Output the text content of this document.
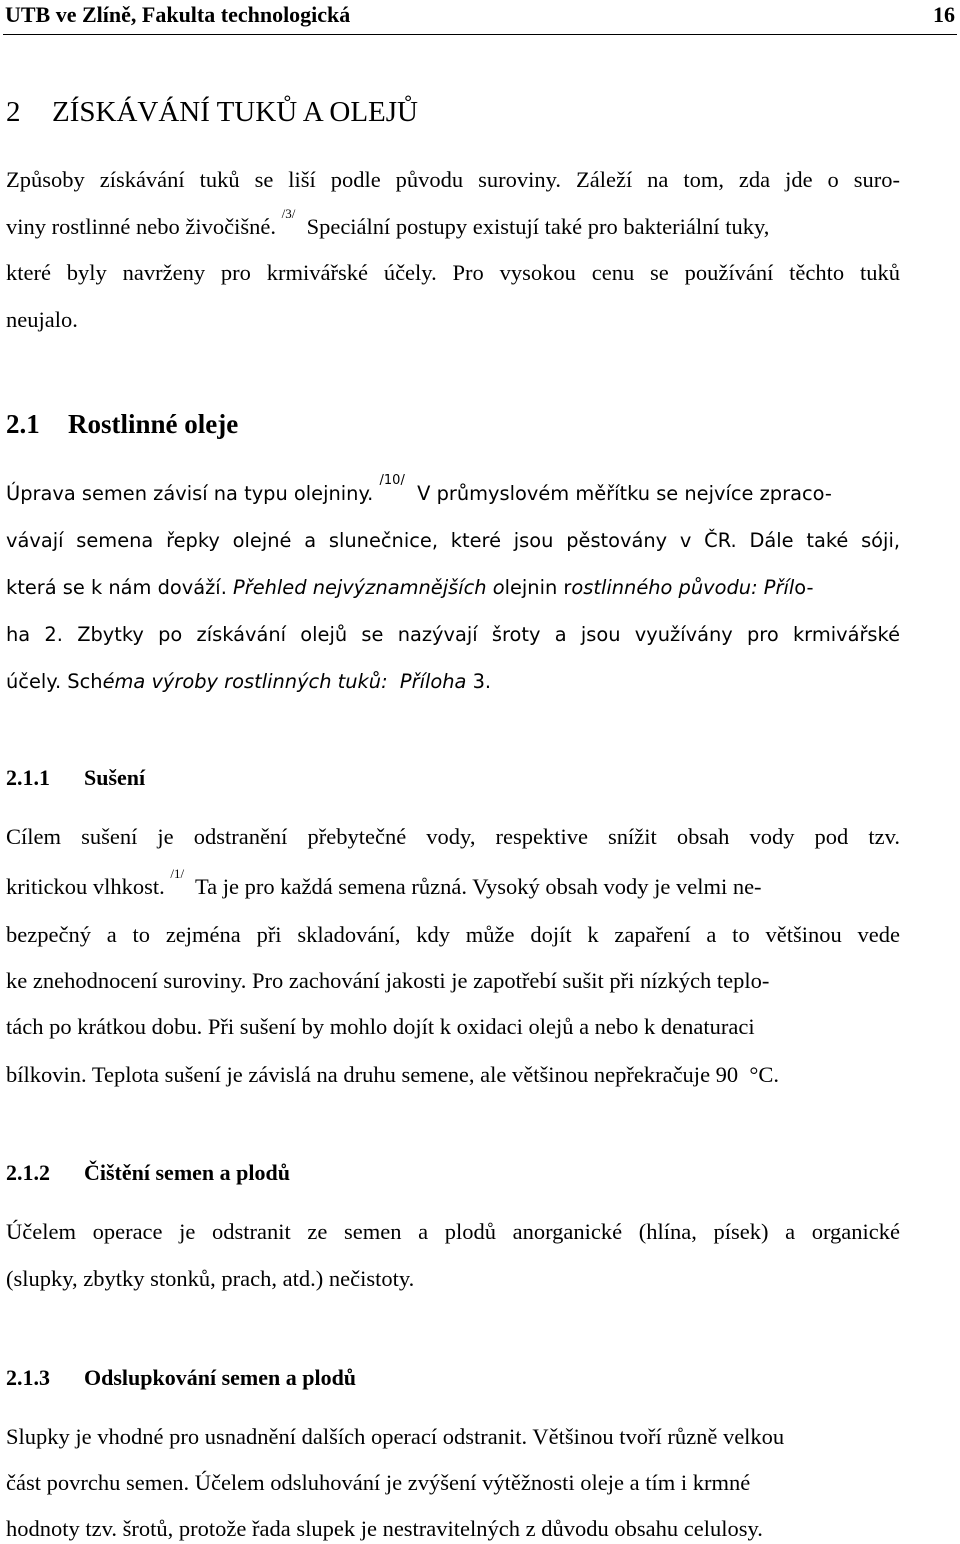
UTB ve Zlíně, Fakulta technologická	16
2 ZÍSKÁVÁNÍ TUKŮ A OLEJŮ
Způsoby získávání tuků se liší podle původu suroviny. Záleží na tom, zda jde o suro-
viny rostlinné nebo živočišné. $^{/3/}$  Speciální postupy existují také pro bakteriální tuky,
které byly navrženy pro krmivářské účely. Pro vysokou cenu se používání těchto tuků
neujalo.
2.1 Rostlinné oleje
Úprava semen závisí na typu olejniny. $^{/10/}$  V průmyslovém měřítku se nejvíce zpraco-
vávají semena řepky olejné a slunečnice, které jsou pěstovány v ČR. Dále také sóji,
která se k nám dováží. Přehled nejvýznamnějších olejnin rostlinného původu: Přílo-
ha 2. Zbytky po získávání olejů se nazývají šroty a jsou využívány pro krmivářské
účely. Schéma výroby rostlinných tuků:  Příloha 3.
2.1.1 Sušení
Cílem sušení je odstranění přebytečné vody, respektive snížit obsah vody pod tzv.
kritickou vlhkost. $^{/1/}$  Ta je pro každá semena různá. Vysoký obsah vody je velmi ne-
bezpečný a to zejména při skladování, kdy může dojít k zapaření a to většinou vede
ke znehodnocení suroviny. Pro zachování jakosti je zapotřebí sušit při nízkých teplo-
tách po krátkou dobu. Při sušení by mohlo dojít k oxidaci olejů a nebo k denaturaci
bílkovin. Teplota sušení je závislá na druhu semene, ale většinou nepřekračuje 90  °C.
2.1.2 Čištění semen a plodů
Účelem operace je odstranit ze semen a plodů anorganické (hlína, písek) a organické
(slupky, zbytky stonků, prach, atd.) nečistoty.
2.1.3 Odslupkování semen a plodů
Slupky je vhodné pro usnadnění dalších operací odstranit. Většinou tvoří různě velkou
část povrchu semen. Účelem odsluhování je zvýšení výtěžnosti oleje a tím i krmné
hodnoty tzv. šrotů, protože řada slupek je nestravitelných z důvodu obsahu celulosy.
